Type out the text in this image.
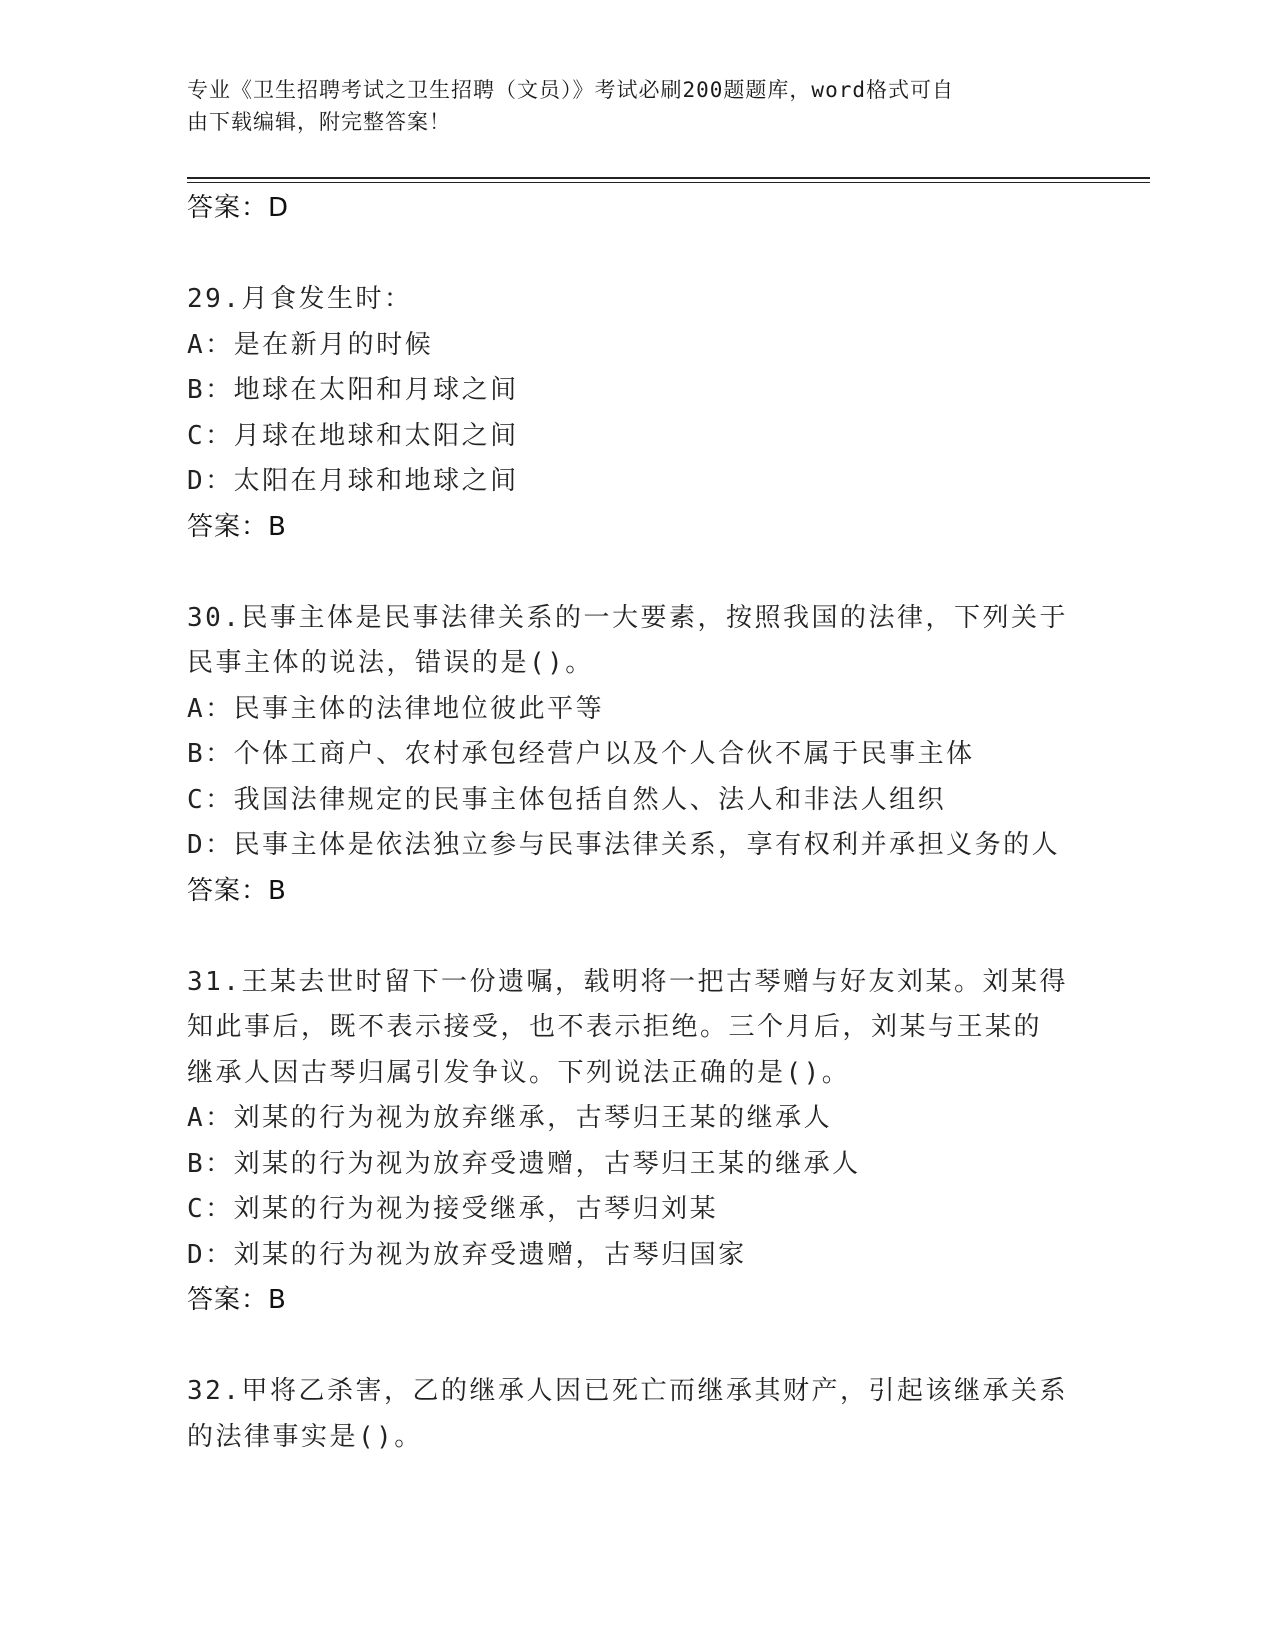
专业《卫生招聘考试之卫生招聘（文员）》考试必刷200题题库，word格式可自
由下载编辑，附完整答案！
答案：D
29.月食发生时：
A：是在新月的时候
B：地球在太阳和月球之间
C：月球在地球和太阳之间
D：太阳在月球和地球之间
答案：B
30.民事主体是民事法律关系的一大要素，按照我国的法律，下列关于
民事主体的说法，错误的是()。
A：民事主体的法律地位彼此平等
B：个体工商户、农村承包经营户以及个人合伙不属于民事主体
C：我国法律规定的民事主体包括自然人、法人和非法人组织
D：民事主体是依法独立参与民事法律关系，享有权利并承担义务的人
答案：B
31.王某去世时留下一份遗嘱，载明将一把古琴赠与好友刘某。刘某得
知此事后，既不表示接受，也不表示拒绝。三个月后，刘某与王某的
继承人因古琴归属引发争议。下列说法正确的是()。
A：刘某的行为视为放弃继承，古琴归王某的继承人
B：刘某的行为视为放弃受遗赠，古琴归王某的继承人
C：刘某的行为视为接受继承，古琴归刘某
D：刘某的行为视为放弃受遗赠，古琴归国家
答案：B
32.甲将乙杀害，乙的继承人因已死亡而继承其财产，引起该继承关系
的法律事实是()。
